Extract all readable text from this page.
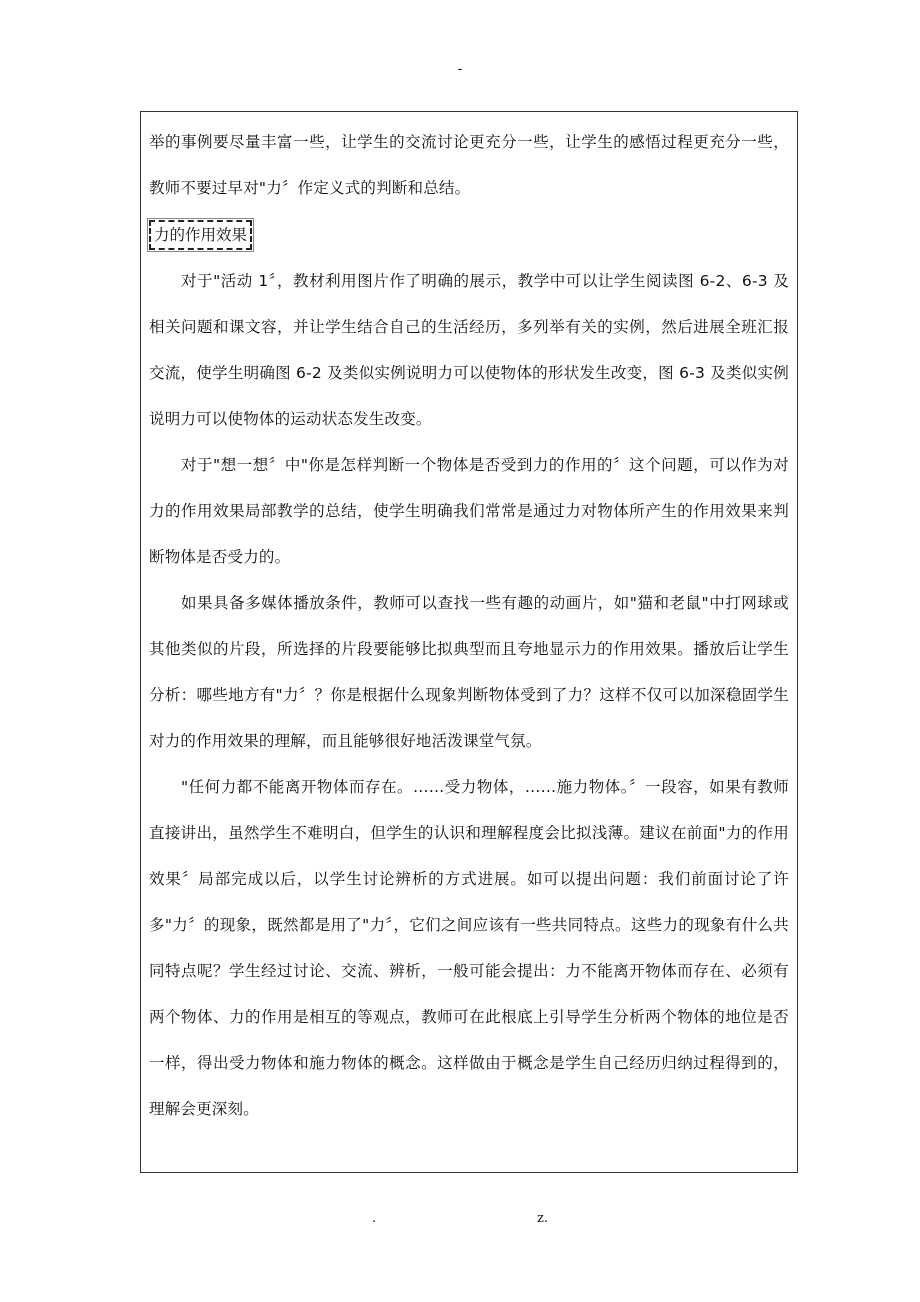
-

举的事例要尽量丰富一些，让学生的交流讨论更充分一些，让学生的感悟过程更充分一些，教师不要过早对"力〞作定义式的判断和总结。

力的作用效果

对于"活动 1〞，教材利用图片作了明确的展示，教学中可以让学生阅读图 6-2、6-3 及相关问题和课文容，并让学生结合自己的生活经历，多列举有关的实例，然后进展全班汇报交流，使学生明确图 6-2 及类似实例说明力可以使物体的形状发生改变，图 6-3 及类似实例说明力可以使物体的运动状态发生改变。

对于"想一想〞中"你是怎样判断一个物体是否受到力的作用的〞这个问题，可以作为对力的作用效果局部教学的总结，使学生明确我们常常是通过力对物体所产生的作用效果来判断物体是否受力的。

如果具备多媒体播放条件，教师可以查找一些有趣的动画片，如"猫和老鼠"中打网球或其他类似的片段，所选择的片段要能够比拟典型而且夸地显示力的作用效果。播放后让学生分析：哪些地方有"力〞？你是根据什么现象判断物体受到了力？这样不仅可以加深稳固学生对力的作用效果的理解，而且能够很好地活泼课堂气氛。

"任何力都不能离开物体而存在。……受力物体，……施力物体。〞一段容，如果有教师直接讲出，虽然学生不难明白，但学生的认识和理解程度会比拟浅薄。建议在前面"力的作用效果〞局部完成以后，以学生讨论辨析的方式进展。如可以提出问题：我们前面讨论了许多"力〞的现象，既然都是用了"力〞，它们之间应该有一些共同特点。这些力的现象有什么共同特点呢？学生经过讨论、交流、辨析，一般可能会提出：力不能离开物体而存在、必须有两个物体、力的作用是相互的等观点，教师可在此根底上引导学生分析两个物体的地位是否一样，得出受力物体和施力物体的概念。这样做由于概念是学生自己经历归纳过程得到的，理解会更深刻。

.	z.
